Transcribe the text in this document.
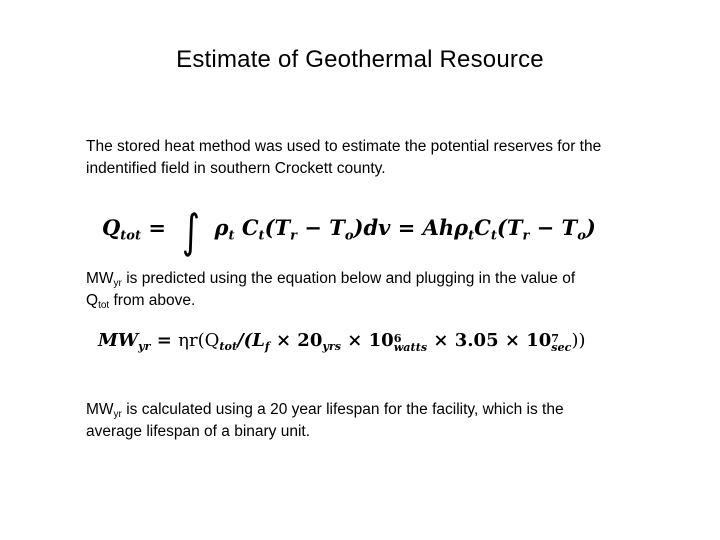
Estimate of Geothermal Resource
The stored heat method was used to estimate the potential reserves for the
indentified field in southern Crockett county.
$Q_{tot}$ = ∫ $\rho_t$ $C_t(T_r - T_o)dv = Ah\rho_tC_t(T_r - T_o)$
$MW_{yr}$ is predicted using the equation below and plugging in the value of
$Q_{tot}$ from above.
$MW_{yr} = \eta r(Q_{tot}/(L_f \times 20_{yrs} \times 10$ 6
watts × 3.05 × 10 7
sec ))
$MW_{yr}$ is calculated using a 20 year lifespan for the facility, which is the
average lifespan of a binary unit.
